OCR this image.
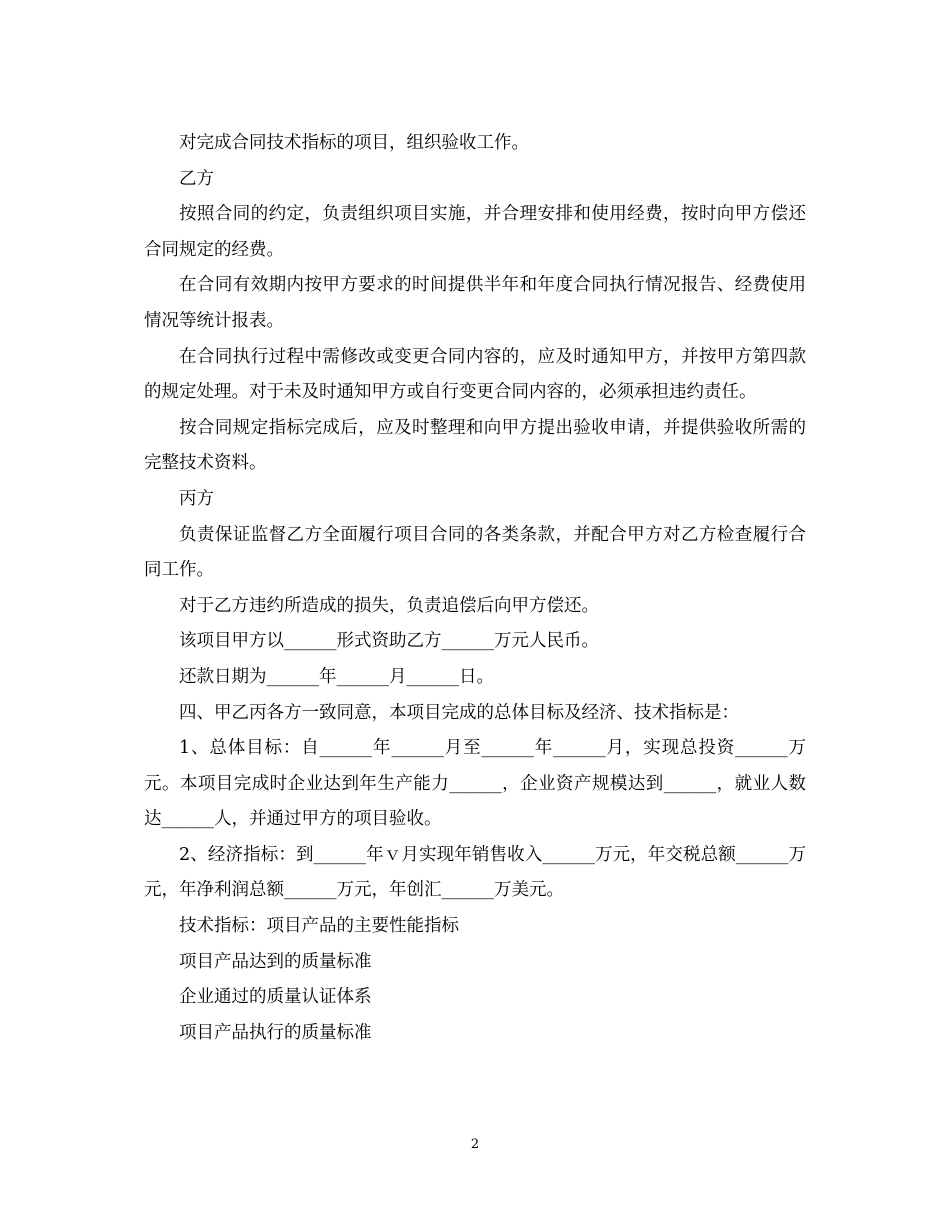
对完成合同技术指标的项目，组织验收工作。

乙方

按照合同的约定，负责组织项目实施，并合理安排和使用经费，按时向甲方偿还合同规定的经费。

在合同有效期内按甲方要求的时间提供半年和年度合同执行情况报告、经费使用情况等统计报表。

在合同执行过程中需修改或变更合同内容的，应及时通知甲方，并按甲方第四款的规定处理。对于未及时通知甲方或自行变更合同内容的，必须承担违约责任。

按合同规定指标完成后，应及时整理和向甲方提出验收申请，并提供验收所需的完整技术资料。

丙方

负责保证监督乙方全面履行项目合同的各类条款，并配合甲方对乙方检查履行合同工作。

对于乙方违约所造成的损失，负责追偿后向甲方偿还。

该项目甲方以______形式资助乙方______万元人民币。

还款日期为______年______月______日。

四、甲乙丙各方一致同意，本项目完成的总体目标及经济、技术指标是：

1、总体目标：自______年______月至______年______月，实现总投资______万元。本项目完成时企业达到年生产能力______，企业资产规模达到______，就业人数达______人，并通过甲方的项目验收。

2、经济指标：到______年ｖ月实现年销售收入______万元，年交税总额______万元，年净利润总额______万元，年创汇______万美元。

技术指标：项目产品的主要性能指标

项目产品达到的质量标准

企业通过的质量认证体系

项目产品执行的质量标准

2
